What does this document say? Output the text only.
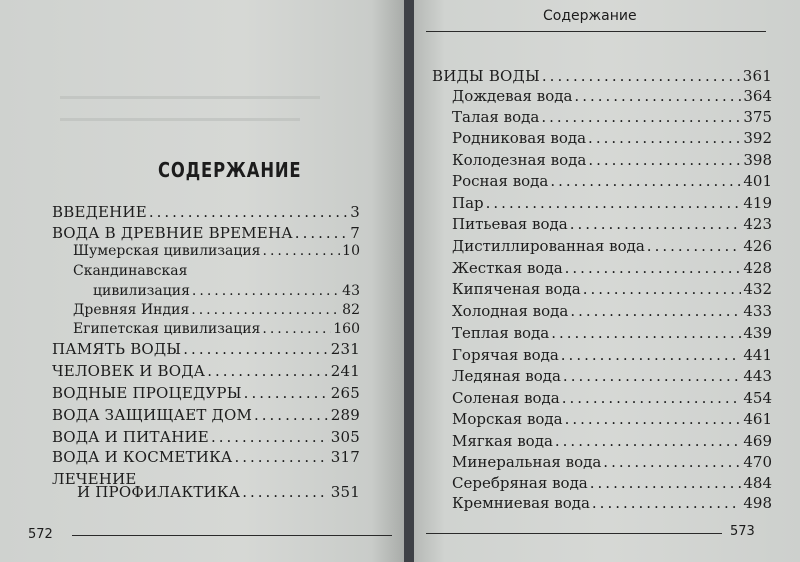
СОДЕРЖАНИЕ
ВВЕДЕНИЕ .....	3
ВОДА В ДРЕВНИЕ ВРЕМЕНА .....	7
Шумерская цивилизация .....	10
Скандинавская
цивилизация .....	43
Древняя Индия .....	82
Египетская цивилизация .....	160
ПАМЯТЬ ВОДЫ .....	231
ЧЕЛОВЕК И ВОДА .....	241
ВОДНЫЕ ПРОЦЕДУРЫ .....	265
ВОДА ЗАЩИЩАЕТ ДОМ .....	289
ВОДА И ПИТАНИЕ .....	305
ВОДА И КОСМЕТИКА .....	317
ЛЕЧЕНИЕ
И ПРОФИЛАКТИКА .....	351
572
Содержание
ВИДЫ ВОДЫ .....	361
Дождевая вода .....	364
Талая вода .....	375
Родниковая вода .....	392
Колодезная вода .....	398
Росная вода .....	401
Пар .....	419
Питьевая вода .....	423
Дистиллированная вода .....	426
Жесткая вода .....	428
Кипяченая вода .....	432
Холодная вода .....	433
Теплая вода .....	439
Горячая вода .....	441
Ледяная вода .....	443
Соленая вода .....	454
Морская вода .....	461
Мягкая вода .....	469
Минеральная вода .....	470
Серебряная вода .....	484
Кремниевая вода .....	498
573
